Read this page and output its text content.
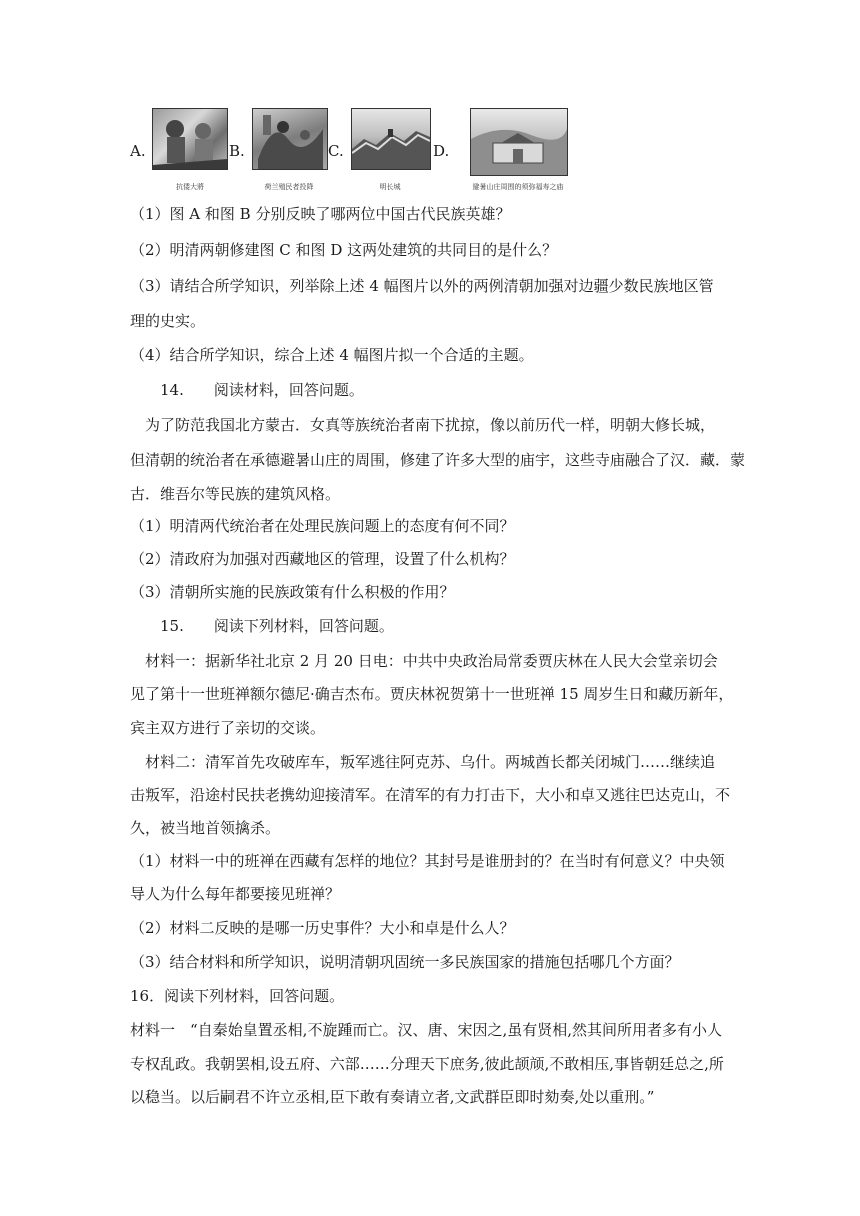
A.
抗倭大將
B.
荷兰殖民者投降
C.
明长城
D.
避暑山庄周围的须弥福寿之庙
（1）图 A 和图 B 分别反映了哪两位中国古代民族英雄？
（2）明清两朝修建图 C 和图 D 这两处建筑的共同目的是什么？
（3）请结合所学知识，列举除上述 4 幅图片以外的两例清朝加强对边疆少数民族地区管
理的史实。
（4）结合所学知识，综合上述 4 幅图片拟一个合适的主题。
14.　　阅读材料，回答问题。
为了防范我国北方蒙古．女真等族统治者南下扰掠，像以前历代一样，明朝大修长城，
但清朝的统治者在承德避暑山庄的周围，修建了许多大型的庙宇，这些寺庙融合了汉．藏．蒙
古．维吾尔等民族的建筑风格。
（1）明清两代统治者在处理民族问题上的态度有何不同？
（2）清政府为加强对西藏地区的管理，设置了什么机构？
（3）清朝所实施的民族政策有什么积极的作用？
15.　　阅读下列材料，回答问题。
材料一：据新华社北京 2 月 20 日电：中共中央政治局常委贾庆林在人民大会堂亲切会
见了第十一世班禅额尔德尼·确吉杰布。贾庆林祝贺第十一世班禅 15 周岁生日和藏历新年，
宾主双方进行了亲切的交谈。
材料二：清军首先攻破库车，叛军逃往阿克苏、乌什。两城酋长都关闭城门……继续追
击叛军，沿途村民扶老携幼迎接清军。在清军的有力打击下，大小和卓又逃往巴达克山，不
久，被当地首领擒杀。
（1）材料一中的班禅在西藏有怎样的地位？其封号是谁册封的？在当时有何意义？中央领
导人为什么每年都要接见班禅？
（2）材料二反映的是哪一历史事件？大小和卓是什么人？
（3）结合材料和所学知识，说明清朝巩固统一多民族国家的措施包括哪几个方面？
16．阅读下列材料，回答问题。
材料一　“自秦始皇置丞相,不旋踵而亡。汉、唐、宋因之,虽有贤相,然其间所用者多有小人
专权乱政。我朝罢相,设五府、六部……分理天下庶务,彼此颉颃,不敢相压,事皆朝廷总之,所
以稳当。以后嗣君不许立丞相,臣下敢有奏请立者,文武群臣即时劾奏,处以重刑。”
